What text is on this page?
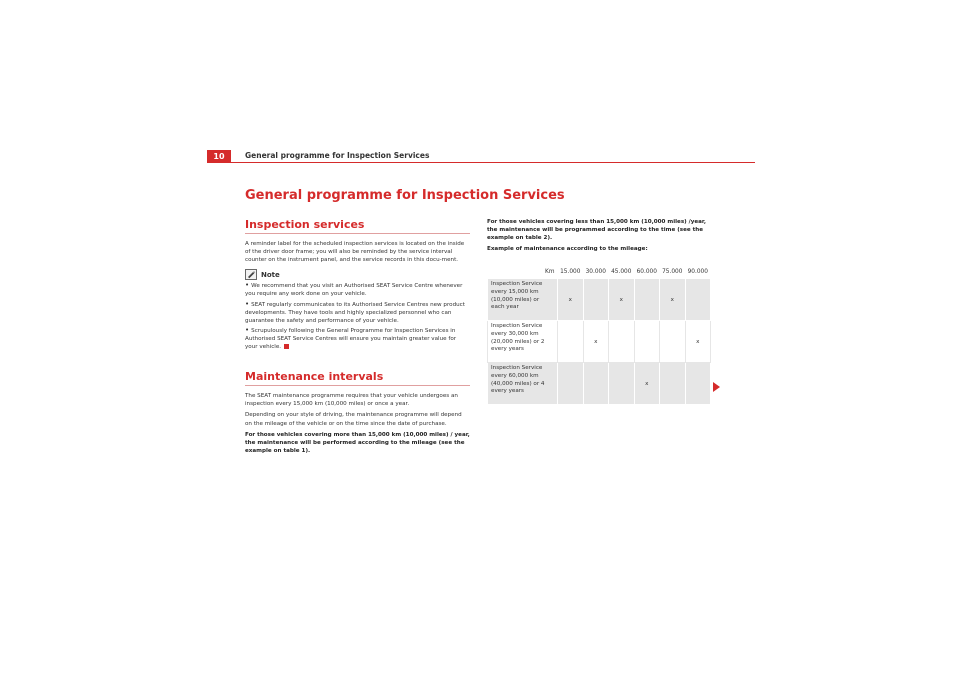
10	General programme for Inspection Services
General programme for Inspection Services
Inspection services

A reminder label for the scheduled inspection services is located on the inside of the driver door frame; you will also be reminded by the service interval counter on the instrument panel, and the service records in this docu-ment.

Note

• We recommend that you visit an Authorised SEAT Service Centre whenever you require any work done on your vehicle.

• SEAT regularly communicates to its Authorised Service Centres new product developments. They have tools and highly specialized personnel who can guarantee the safety and performance of your vehicle.

• Scrupulously following the General Programme for Inspection Services in Authorised SEAT Service Centres will ensure you maintain greater value for your vehicle.

Maintenance intervals

The SEAT maintenance programme requires that your vehicle undergoes an inspection every 15,000 km (10,000 miles) or once a year.

Depending on your style of driving, the maintenance programme will depend on the mileage of the vehicle or on the time since the date of purchase.

For those vehicles covering more than 15,000 km (10,000 miles) / year, the maintenance will be performed according to the mileage (see the example on table 1).

For those vehicles covering less than 15,000 km (10,000 miles) /year, the maintenance will be programmed according to the time (see the example on table 2).

Example of maintenance according to the mileage:

Km	15.000	30.000	45.000	60.000	75.000	90.000
Inspection Service every 15,000 km (10,000 miles) or each year	x		x		x	
Inspection Service every 30,000 km (20,000 miles) or 2 every years		x				x
Inspection Service every 60,000 km (40,000 miles) or 4 every years				x		
